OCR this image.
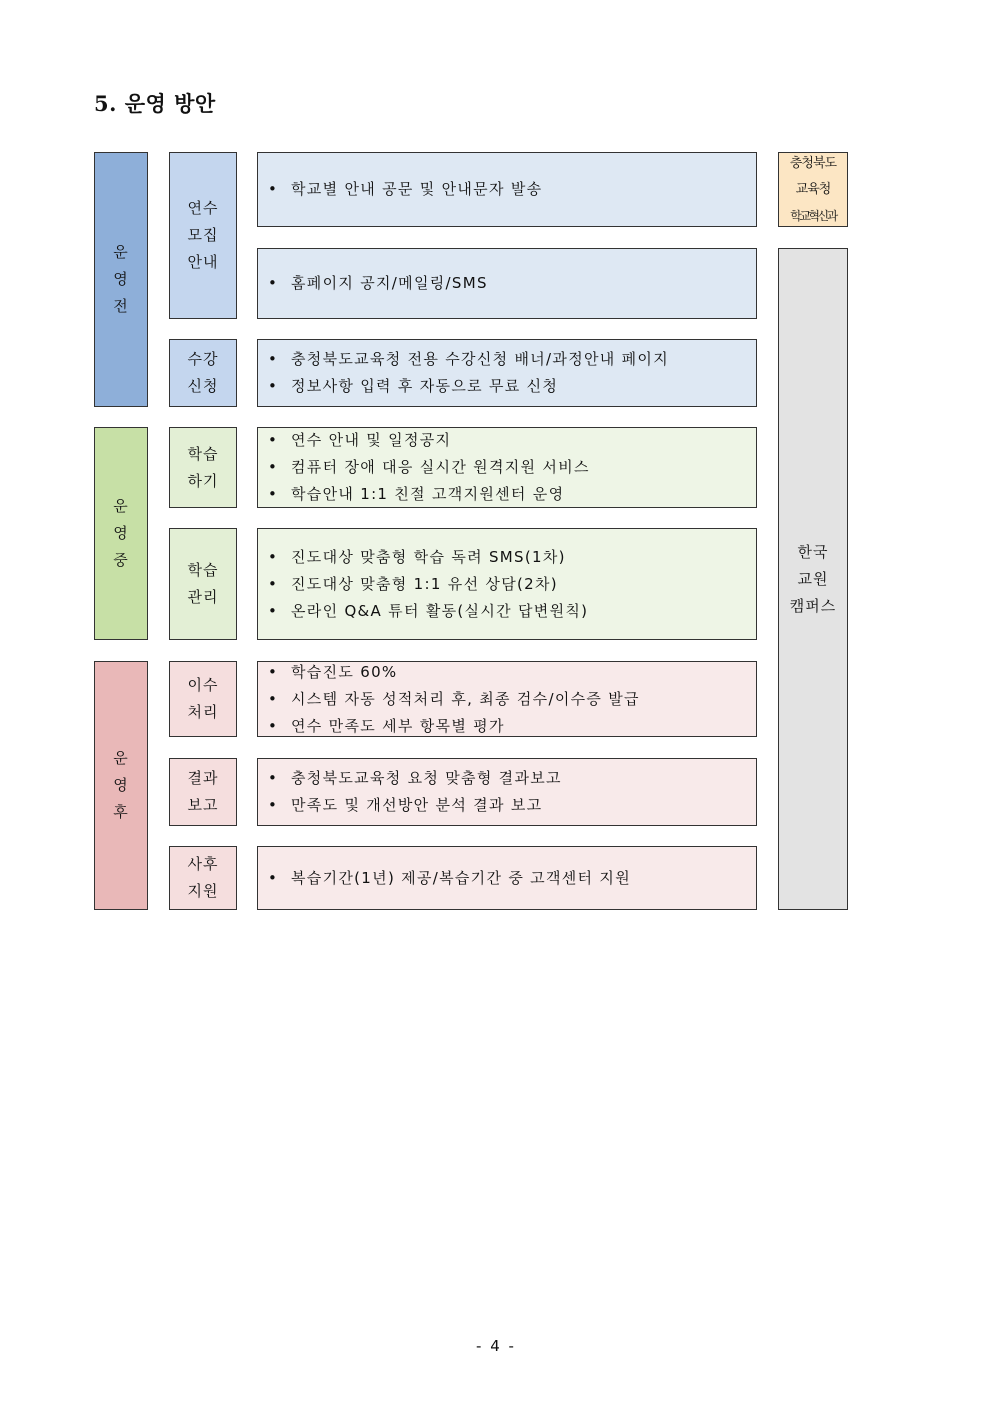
5. 운영 방안
운
영
전
운
영
중
운
영
후
연수
모집
안내
수강
신청
학습
하기
학습
관리
이수
처리
결과
보고
사후
지원
• 학교별 안내 공문 및 안내문자 발송
• 홈페이지 공지/메일링/SMS
• 충청북도교육청 전용 수강신청 배너/과정안내 페이지
• 정보사항 입력 후 자동으로 무료 신청
• 연수 안내 및 일정공지
• 컴퓨터 장애 대응 실시간 원격지원 서비스
• 학습안내 1:1 친절 고객지원센터 운영
• 진도대상 맞춤형 학습 독려 SMS(1차)
• 진도대상 맞춤형 1:1 유선 상담(2차)
• 온라인 Q&A 튜터 활동(실시간 답변원칙)
• 학습진도 60%
• 시스템 자동 성적처리 후, 최종 검수/이수증 발급
• 연수 만족도 세부 항목별 평가
• 충청북도교육청 요청 맞춤형 결과보고
• 만족도 및 개선방안 분석 결과 보고
• 복습기간(1년) 제공/복습기간 중 고객센터 지원
충청북도
교육청
학교혁신과
한국
교원
캠퍼스
- 4 -
